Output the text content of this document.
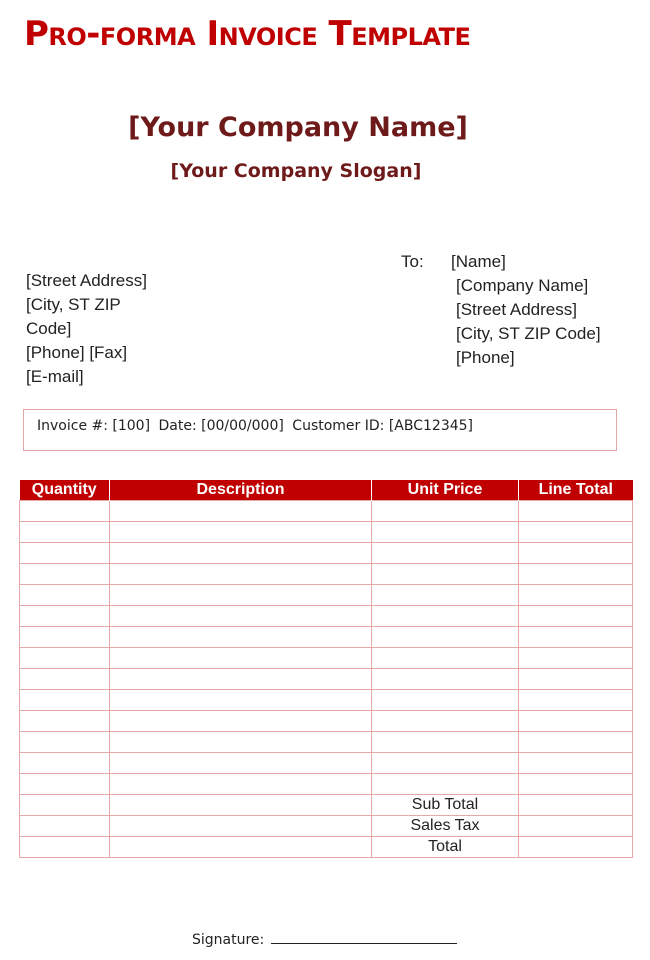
Pro-forma Invoice Template
[Your Company Name]
[Your Company Slogan]
[Street Address]
[City, ST ZIP
Code]
[Phone] [Fax]
[E-mail]
To: [Name]
[Company Name]
[Street Address]
[City, ST ZIP Code]
[Phone]
Invoice #: [100] Date: [00/00/000] Customer ID: [ABC12345]
Quantity	Description	Unit Price	Line Total

		Sub Total	
		Sales Tax	
		Total	
Signature:
